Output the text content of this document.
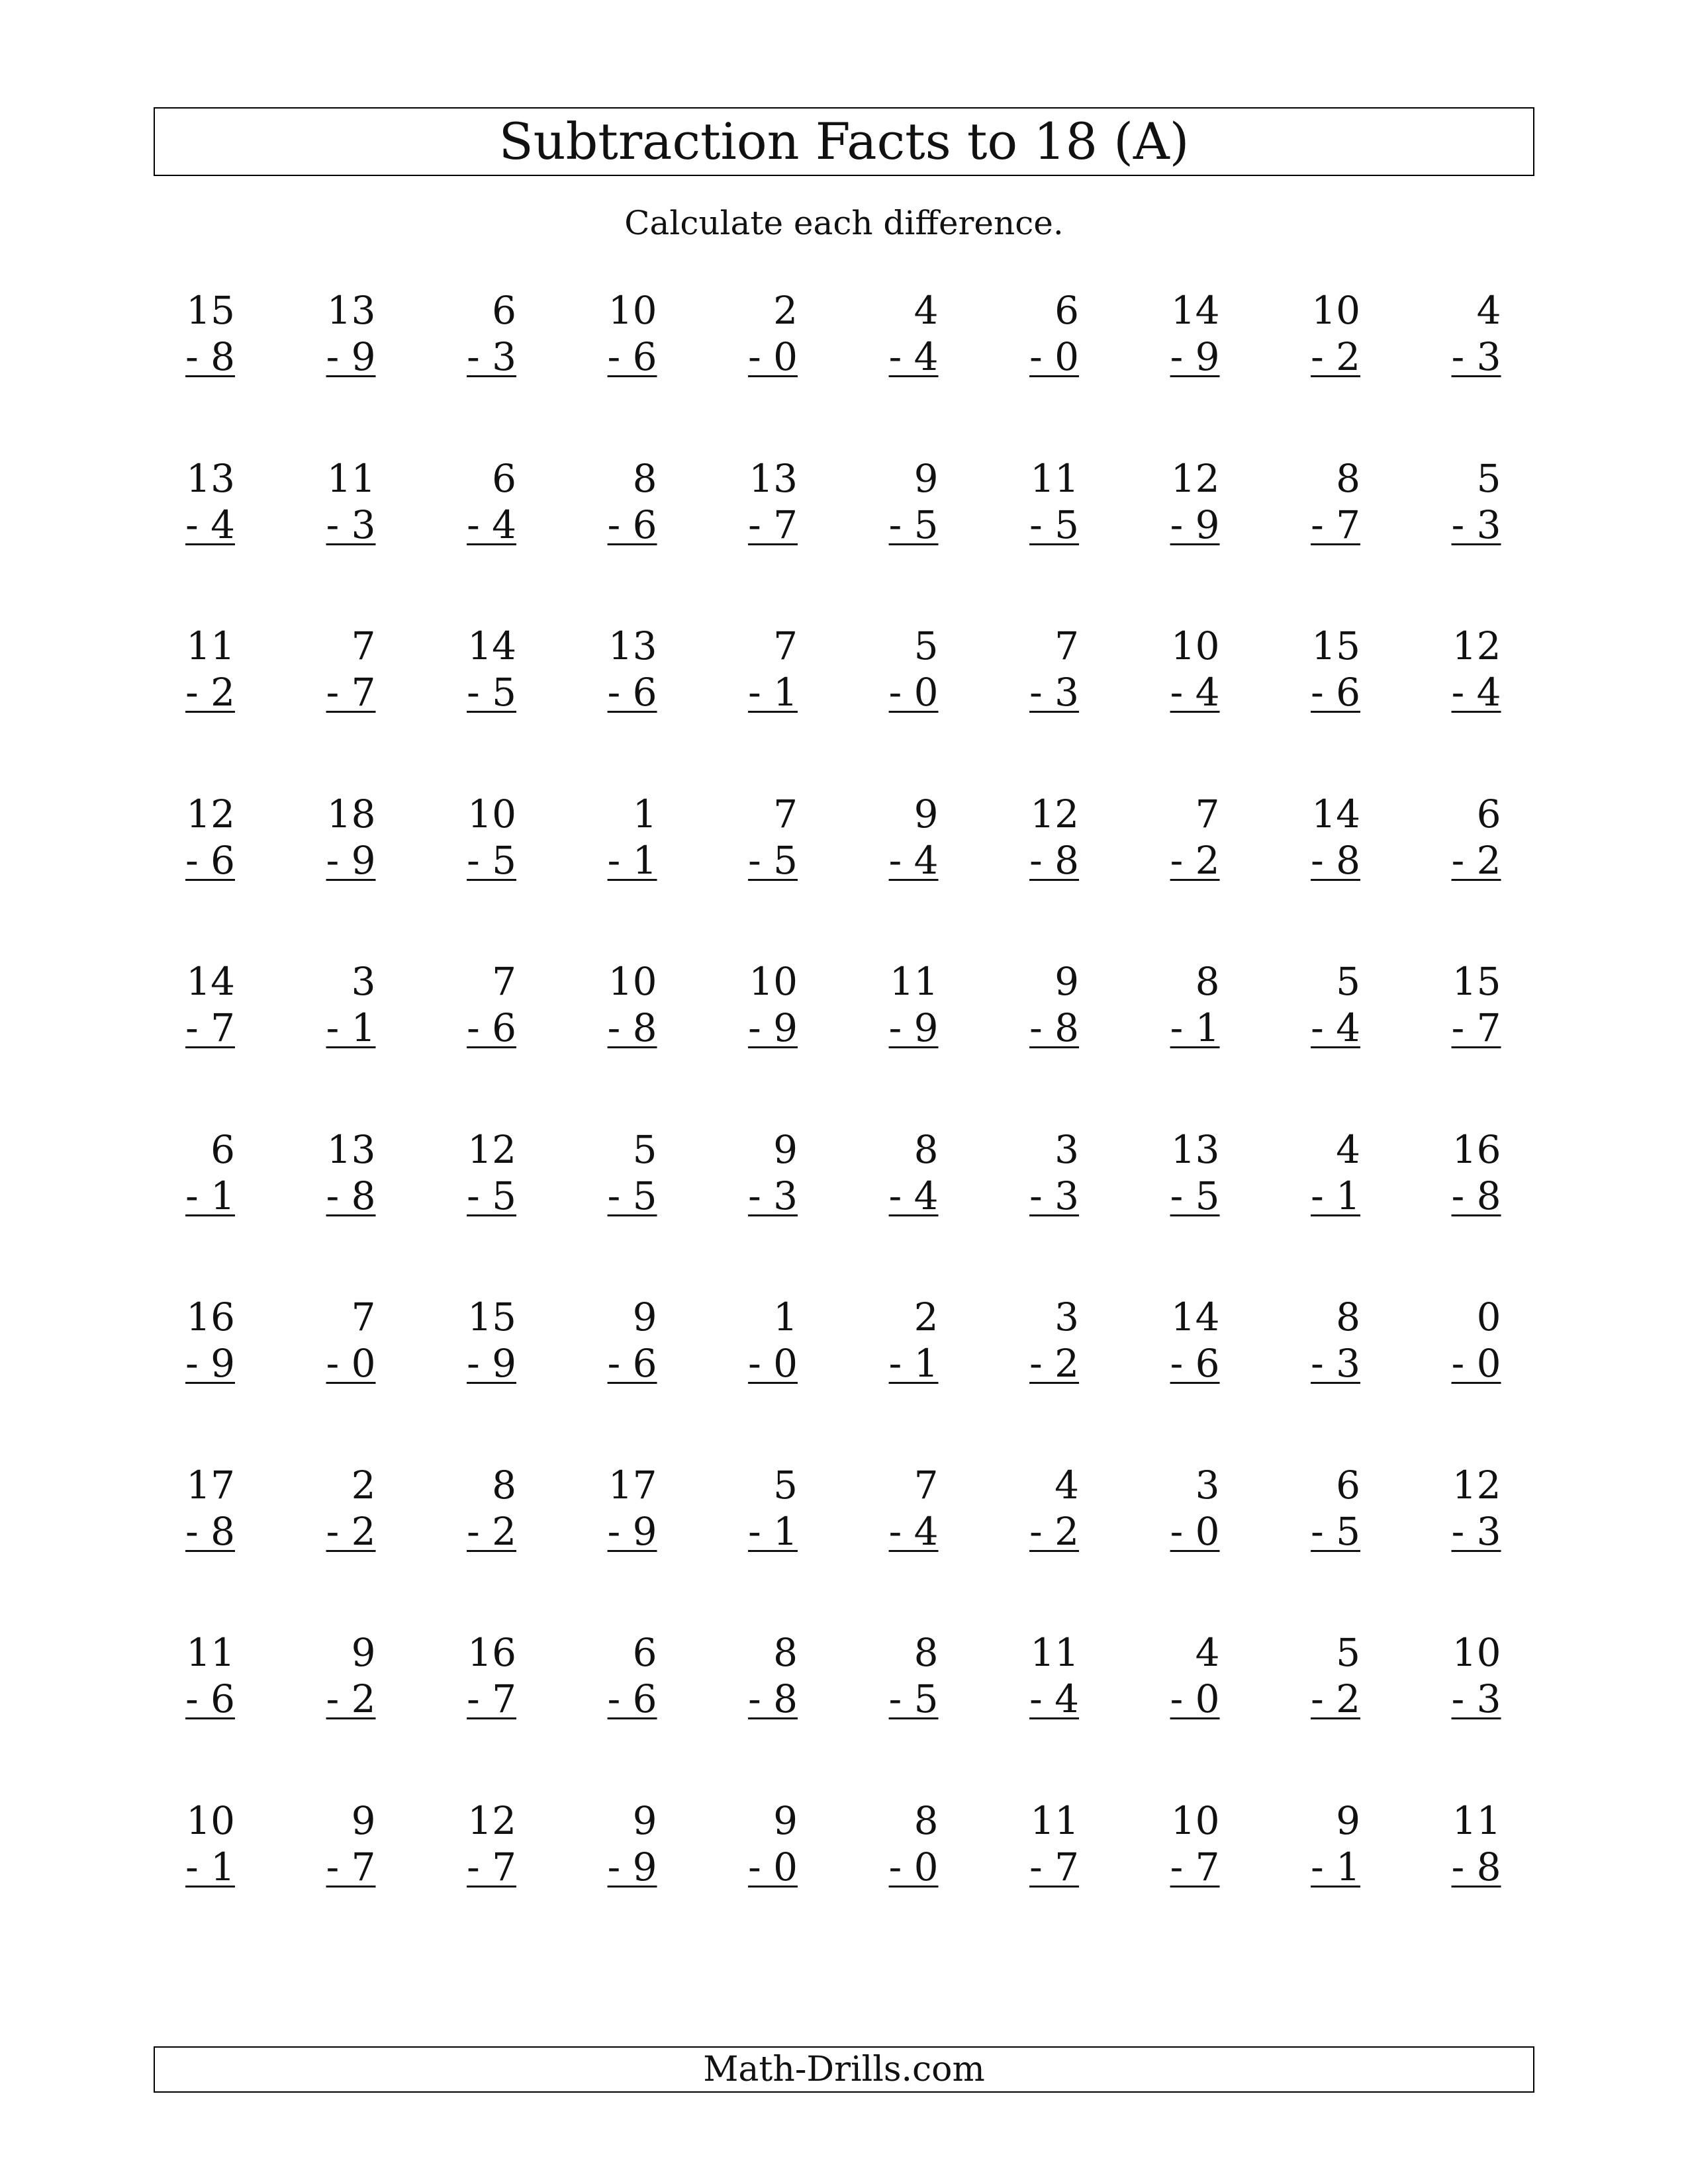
Subtraction Facts to 18 (A)
Calculate each difference.
15
- 8
13
- 9
6
- 3
10
- 6
2
- 0
4
- 4
6
- 0
14
- 9
10
- 2
4
- 3
13
- 4
11
- 3
6
- 4
8
- 6
13
- 7
9
- 5
11
- 5
12
- 9
8
- 7
5
- 3
11
- 2
7
- 7
14
- 5
13
- 6
7
- 1
5
- 0
7
- 3
10
- 4
15
- 6
12
- 4
12
- 6
18
- 9
10
- 5
1
- 1
7
- 5
9
- 4
12
- 8
7
- 2
14
- 8
6
- 2
14
- 7
3
- 1
7
- 6
10
- 8
10
- 9
11
- 9
9
- 8
8
- 1
5
- 4
15
- 7
6
- 1
13
- 8
12
- 5
5
- 5
9
- 3
8
- 4
3
- 3
13
- 5
4
- 1
16
- 8
16
- 9
7
- 0
15
- 9
9
- 6
1
- 0
2
- 1
3
- 2
14
- 6
8
- 3
0
- 0
17
- 8
2
- 2
8
- 2
17
- 9
5
- 1
7
- 4
4
- 2
3
- 0
6
- 5
12
- 3
11
- 6
9
- 2
16
- 7
6
- 6
8
- 8
8
- 5
11
- 4
4
- 0
5
- 2
10
- 3
10
- 1
9
- 7
12
- 7
9
- 9
9
- 0
8
- 0
11
- 7
10
- 7
9
- 1
11
- 8
Math-Drills.com
